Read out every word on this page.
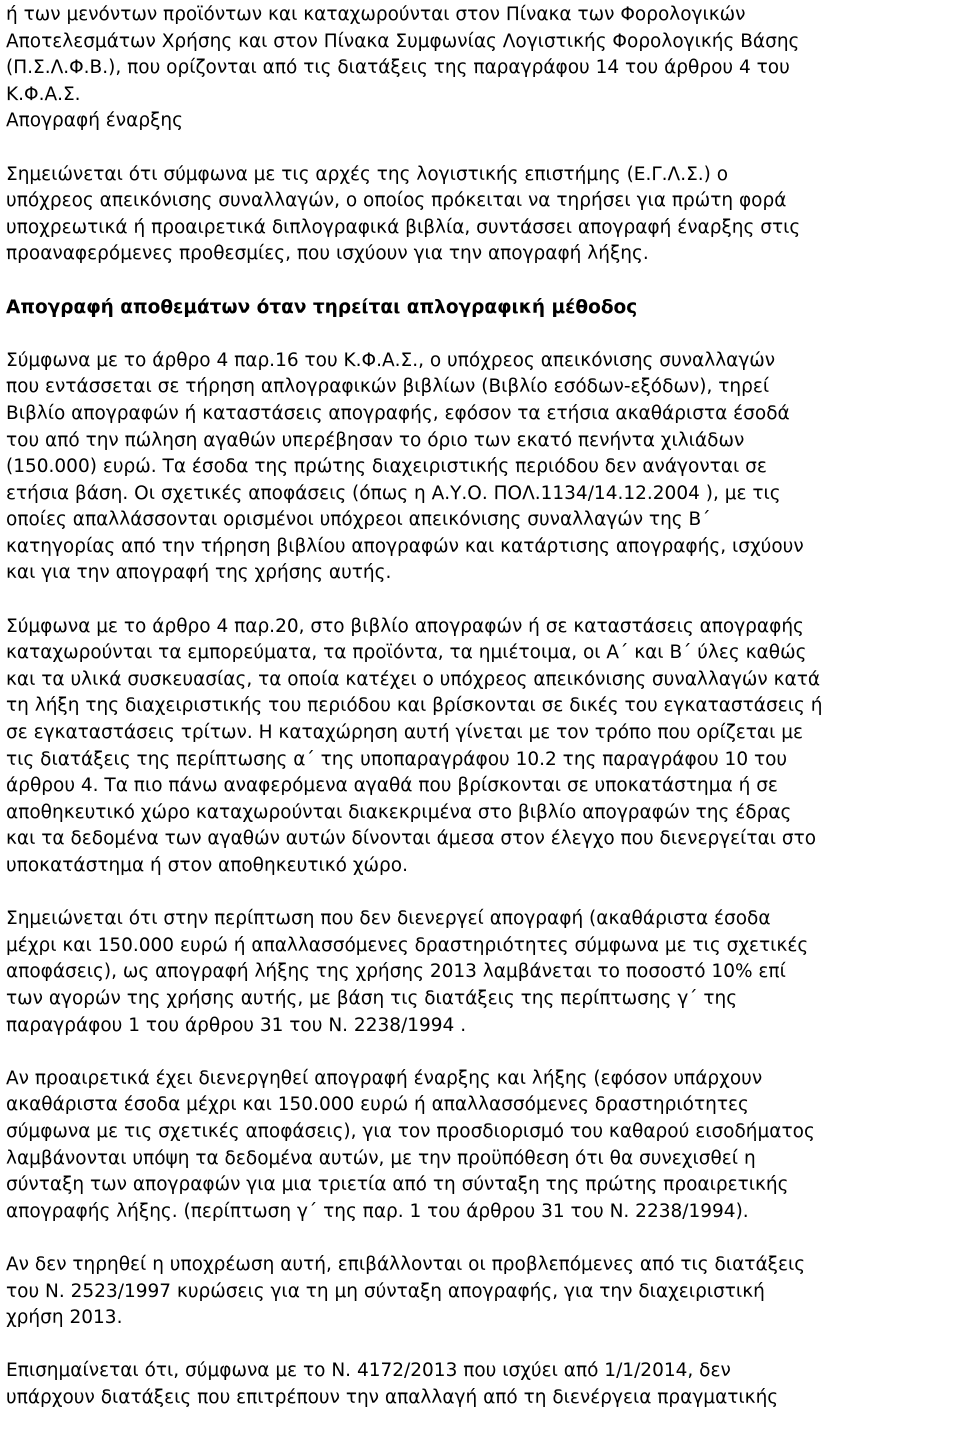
ή των μενόντων προϊόντων και καταχωρούνται στον Πίνακα των Φορολογικών

Αποτελεσμάτων Χρήσης και στον Πίνακα Συμφωνίας Λογιστικής Φορολογικής Βάσης

(Π.Σ.Λ.Φ.Β.), που ορίζονται από τις διατάξεις της παραγράφου 14 του άρθρου 4 του

Κ.Φ.Α.Σ.

Απογραφή έναρξης

Σημειώνεται ότι σύμφωνα με τις αρχές της λογιστικής επιστήμης (Ε.Γ.Λ.Σ.) ο

υπόχρεος απεικόνισης συναλλαγών, ο οποίος πρόκειται να τηρήσει για πρώτη φορά

υποχρεωτικά ή προαιρετικά διπλογραφικά βιβλία, συντάσσει απογραφή έναρξης στις

προαναφερόμενες προθεσμίες, που ισχύουν για την απογραφή λήξης.

Απογραφή αποθεμάτων όταν τηρείται απλογραφική μέθοδος

Σύμφωνα με το άρθρο 4 παρ.16 του Κ.Φ.Α.Σ., ο υπόχρεος απεικόνισης συναλλαγών

που εντάσσεται σε τήρηση απλογραφικών βιβλίων (Βιβλίο εσόδων-εξόδων), τηρεί

Βιβλίο απογραφών ή καταστάσεις απογραφής, εφόσον τα ετήσια ακαθάριστα έσοδά

του από την πώληση αγαθών υπερέβησαν το όριο των εκατό πενήντα χιλιάδων

(150.000) ευρώ. Τα έσοδα της πρώτης διαχειριστικής περιόδου δεν ανάγονται σε

ετήσια βάση. Οι σχετικές αποφάσεις (όπως η Α.Υ.Ο. ΠΟΛ.1134/14.12.2004 ), με τις

οποίες απαλλάσσονται ορισμένοι υπόχρεοι απεικόνισης συναλλαγών της Β΄

κατηγορίας από την τήρηση βιβλίου απογραφών και κατάρτισης απογραφής, ισχύουν

και για την απογραφή της χρήσης αυτής.

Σύμφωνα με το άρθρο 4 παρ.20, στο βιβλίο απογραφών ή σε καταστάσεις απογραφής

καταχωρούνται τα εμπορεύματα, τα προϊόντα, τα ημιέτοιμα, οι Α΄ και Β΄ ύλες καθώς

και τα υλικά συσκευασίας, τα οποία κατέχει ο υπόχρεος απεικόνισης συναλλαγών κατά

τη λήξη της διαχειριστικής του περιόδου και βρίσκονται σε δικές του εγκαταστάσεις ή

σε εγκαταστάσεις τρίτων. Η καταχώρηση αυτή γίνεται με τον τρόπο που ορίζεται με

τις διατάξεις της περίπτωσης α΄ της υποπαραγράφου 10.2 της παραγράφου 10 του

άρθρου 4. Τα πιο πάνω αναφερόμενα αγαθά που βρίσκονται σε υποκατάστημα ή σε

αποθηκευτικό χώρο καταχωρούνται διακεκριμένα στο βιβλίο απογραφών της έδρας

και τα δεδομένα των αγαθών αυτών δίνονται άμεσα στον έλεγχο που διενεργείται στο

υποκατάστημα ή στον αποθηκευτικό χώρο.

Σημειώνεται ότι στην περίπτωση που δεν διενεργεί απογραφή (ακαθάριστα έσοδα

μέχρι και 150.000 ευρώ ή απαλλασσόμενες δραστηριότητες σύμφωνα με τις σχετικές

αποφάσεις), ως απογραφή λήξης της χρήσης 2013 λαμβάνεται το ποσοστό 10% επί

των αγορών της χρήσης αυτής, με βάση τις διατάξεις της περίπτωσης γ΄ της

παραγράφου 1 του άρθρου 31 του Ν. 2238/1994 .

Αν προαιρετικά έχει διενεργηθεί απογραφή έναρξης και λήξης (εφόσον υπάρχουν

ακαθάριστα έσοδα μέχρι και 150.000 ευρώ ή απαλλασσόμενες δραστηριότητες

σύμφωνα με τις σχετικές αποφάσεις), για τον προσδιορισμό του καθαρού εισοδήματος

λαμβάνονται υπόψη τα δεδομένα αυτών, με την προϋπόθεση ότι θα συνεχισθεί η

σύνταξη των απογραφών για μια τριετία από τη σύνταξη της πρώτης προαιρετικής

απογραφής λήξης. (περίπτωση γ΄ της παρ. 1 του άρθρου 31 του Ν. 2238/1994).

Αν δεν τηρηθεί η υποχρέωση αυτή, επιβάλλονται οι προβλεπόμενες από τις διατάξεις

του Ν. 2523/1997 κυρώσεις για τη μη σύνταξη απογραφής, για την διαχειριστική

χρήση 2013.

Επισημαίνεται ότι, σύμφωνα με το Ν. 4172/2013 που ισχύει από 1/1/2014, δεν

υπάρχουν διατάξεις που επιτρέπουν την απαλλαγή από τη διενέργεια πραγματικής
